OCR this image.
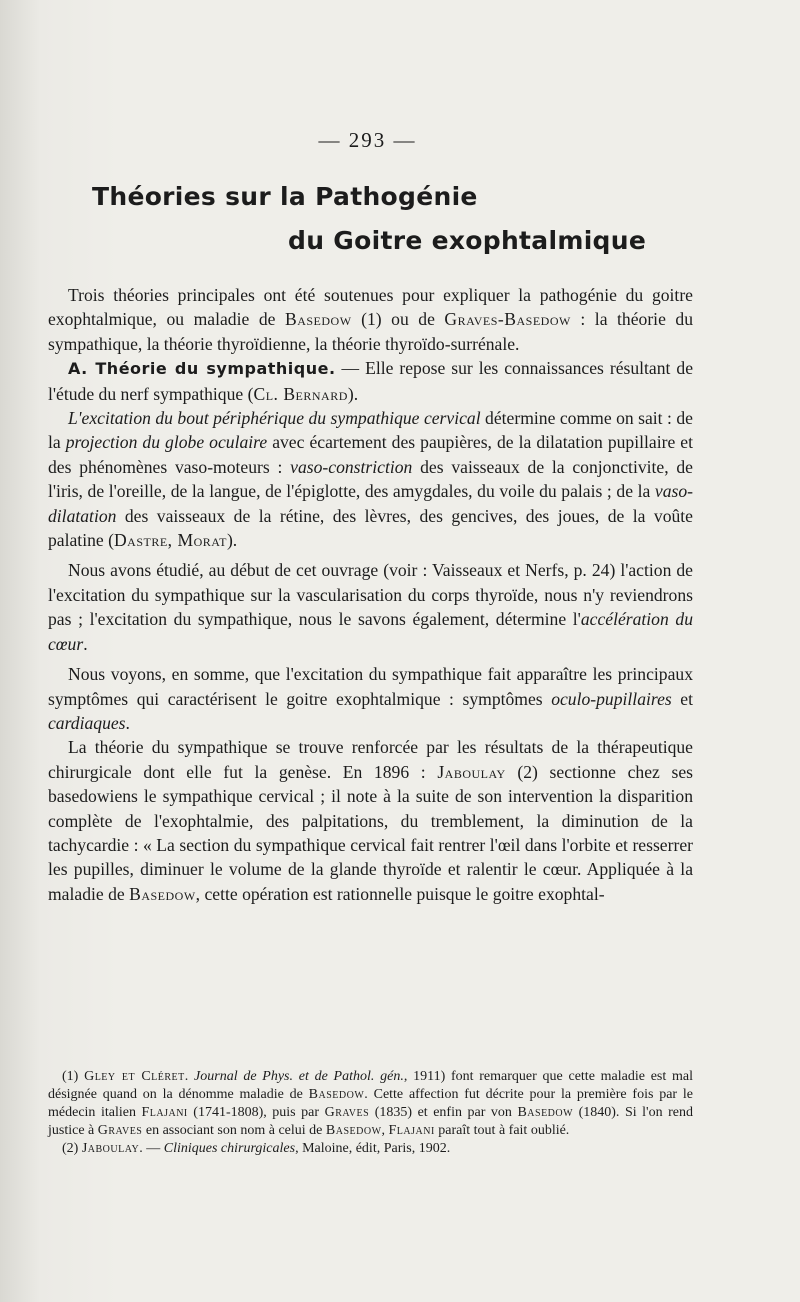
— 293 —
Théories sur la Pathogénie
du Goitre exophtalmique

Trois théories principales ont été soutenues pour expliquer la pathogénie du goitre exophtalmique, ou maladie de Basedow (1) ou de Graves-Basedow : la théorie du sympathique, la théorie thyroïdienne, la théorie thyroïdo-surrénale.

A. Théorie du sympathique. — Elle repose sur les connaissances résultant de l'étude du nerf sympathique (Cl. Bernard).

L'excitation du bout périphérique du sympathique cervical détermine comme on sait : de la projection du globe oculaire avec écartement des paupières, de la dilatation pupillaire et des phénomènes vaso-moteurs : vaso-constriction des vaisseaux de la conjonctivite, de l'iris, de l'oreille, de la langue, de l'épiglotte, des amygdales, du voile du palais ; de la vaso-dilatation des vaisseaux de la rétine, des lèvres, des gencives, des joues, de la voûte palatine (Dastre, Morat).

Nous avons étudié, au début de cet ouvrage (voir : Vaisseaux et Nerfs, p. 24) l'action de l'excitation du sympathique sur la vascularisation du corps thyroïde, nous n'y reviendrons pas ; l'excitation du sympathique, nous le savons également, détermine l'accélération du cœur.

Nous voyons, en somme, que l'excitation du sympathique fait apparaître les principaux symptômes qui caractérisent le goitre exophtalmique : symptômes oculo-pupillaires et cardiaques.

La théorie du sympathique se trouve renforcée par les résultats de la thérapeutique chirurgicale dont elle fut la genèse. En 1896 : Jaboulay (2) sectionne chez ses basedowiens le sympathique cervical ; il note à la suite de son intervention la disparition complète de l'exophtalmie, des palpitations, du tremblement, la diminution de la tachycardie : « La section du sympathique cervical fait rentrer l'œil dans l'orbite et resserrer les pupilles, diminuer le volume de la glande thyroïde et ralentir le cœur. Appliquée à la maladie de Basedow, cette opération est rationnelle puisque le goitre exophtal-

(1) Gley et Cléret. Journal de Phys. et de Pathol. gén., 1911) font remarquer que cette maladie est mal désignée quand on la dénomme maladie de Basedow. Cette affection fut décrite pour la première fois par le médecin italien Flajani (1741-1808), puis par Graves (1835) et enfin par von Basedow (1840). Si l'on rend justice à Graves en associant son nom à celui de Basedow, Flajani paraît tout à fait oublié.

(2) Jaboulay. — Cliniques chirurgicales, Maloine, édit, Paris, 1902.
